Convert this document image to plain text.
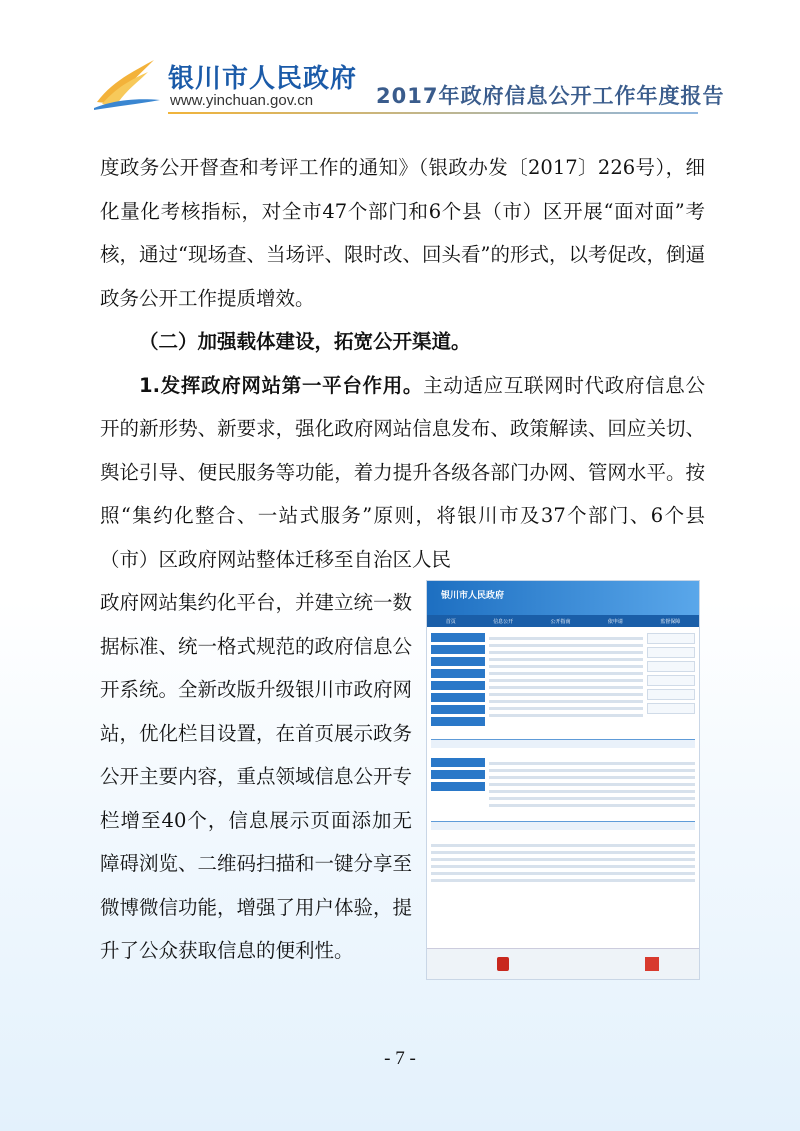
银川市人民政府
www.yinchuan.gov.cn	2017年政府信息公开工作年度报告

度政务公开督查和考评工作的通知》（银政办发〔2017〕226号），细化量化考核指标，对全市47个部门和6个县（市）区开展“面对面”考核，通过“现场查、当场评、限时改、回头看”的形式，以考促改，倒逼政务公开工作提质增效。

（二）加强载体建设，拓宽公开渠道。

1.发挥政府网站第一平台作用。主动适应互联网时代政府信息公开的新形势、新要求，强化政府网站信息发布、政策解读、回应关切、舆论引导、便民服务等功能，着力提升各级各部门办网、管网水平。按照“集约化整合、一站式服务”原则，将银川市及37个部门、6个县（市）区政府网站整体迁移至自治区人民

政府网站集约化平台，并建立统一数据标准、统一格式规范的政府信息公开系统。全新改版升级银川市政府网站，优化栏目设置，在首页展示政务公开主要内容，重点领域信息公开专栏增至40个，信息展示页面添加无障碍浏览、二维码扫描和一键分享至微博微信功能，增强了用户体验，提升了公众获取信息的便利性。

银川市人民政府
首页	信息公开	公开指南	依申请	监督保障
- 7 -
